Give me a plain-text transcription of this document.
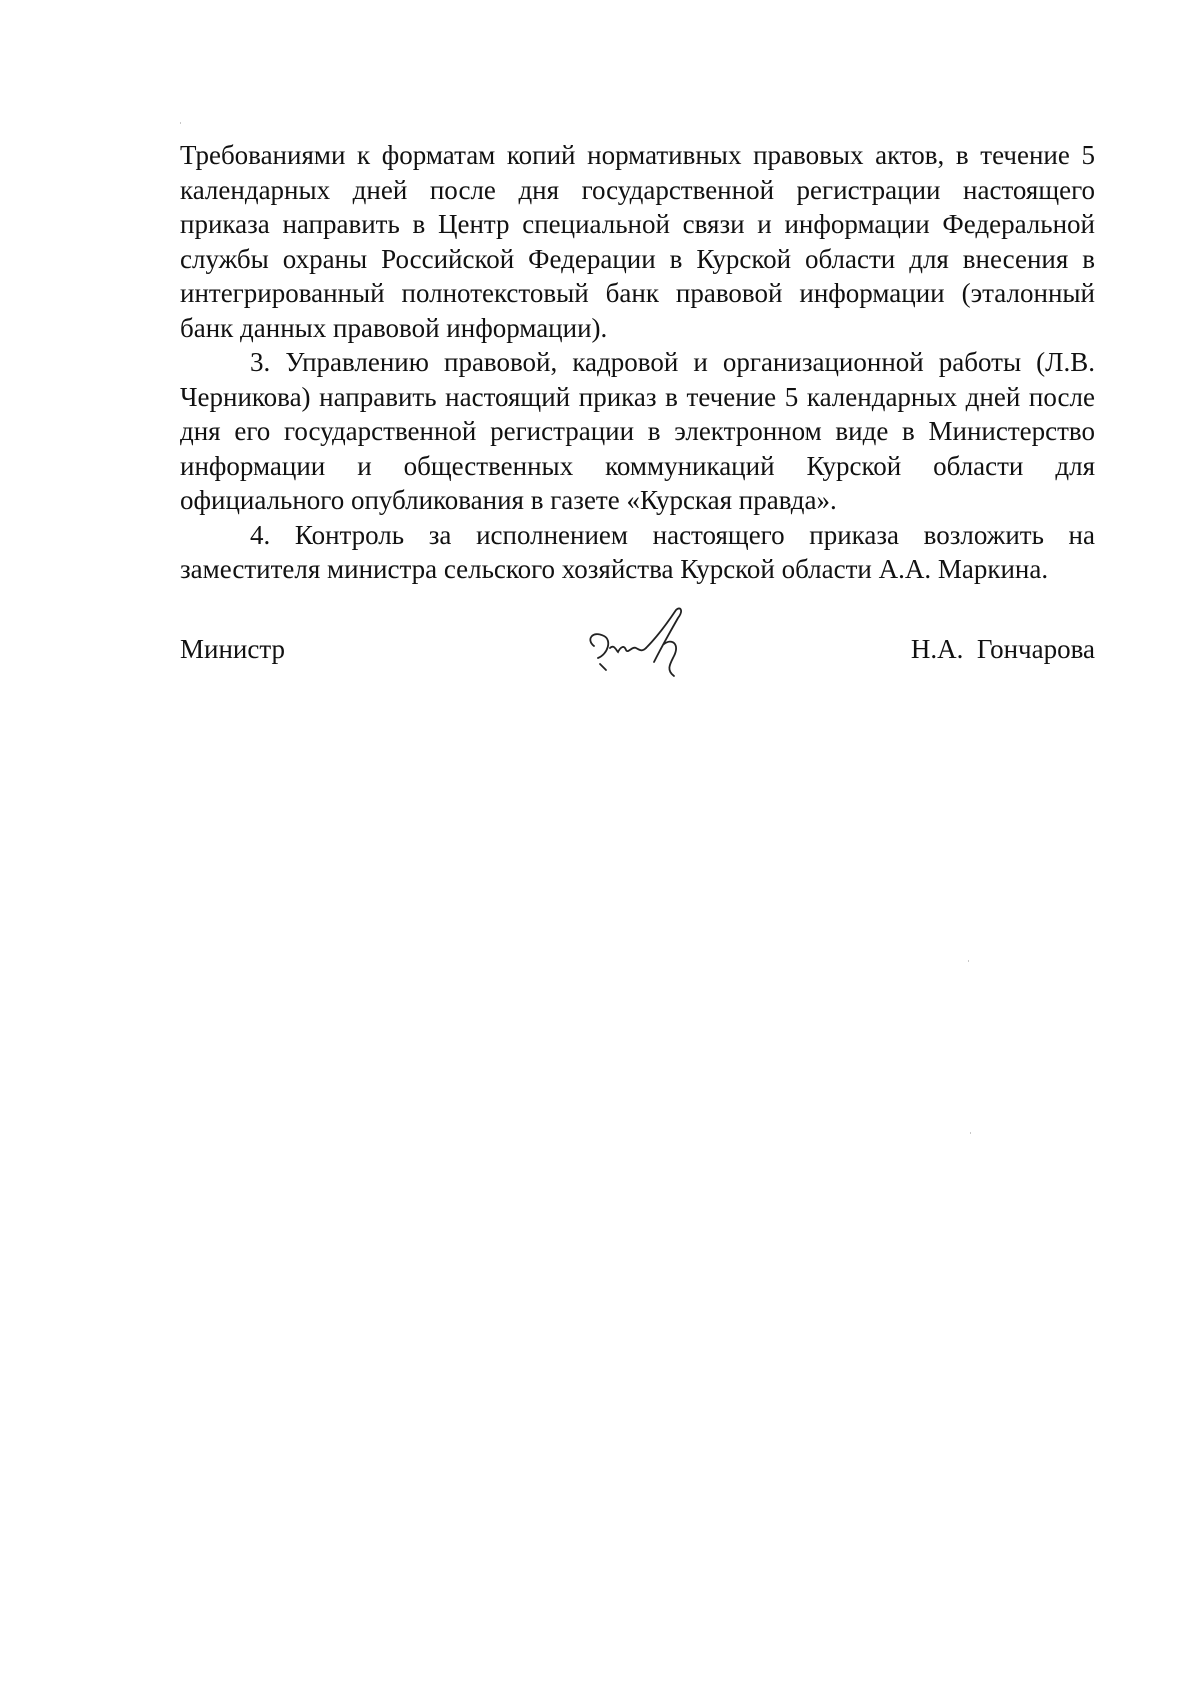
Требованиями к форматам копий нормативных правовых актов, в течение 5 календарных дней после дня государственной регистрации настоящего приказа направить в Центр специальной связи и информации Федеральной службы охраны Российской Федерации в Курской области для внесения в интегрированный полнотекстовый банк правовой информации (эталонный банк данных правовой информации).

3. Управлению правовой, кадровой и организационной работы (Л.В. Черникова) направить настоящий приказ в течение 5 календарных дней после дня его государственной регистрации в электронном виде в Министерство информации и общественных коммуникаций Курской области для официального опубликования в газете «Курская правда».

4. Контроль за исполнением настоящего приказа возложить на заместителя министра сельского хозяйства Курской области А.А. Маркина.

Министр	Н.А.  Гончарова
